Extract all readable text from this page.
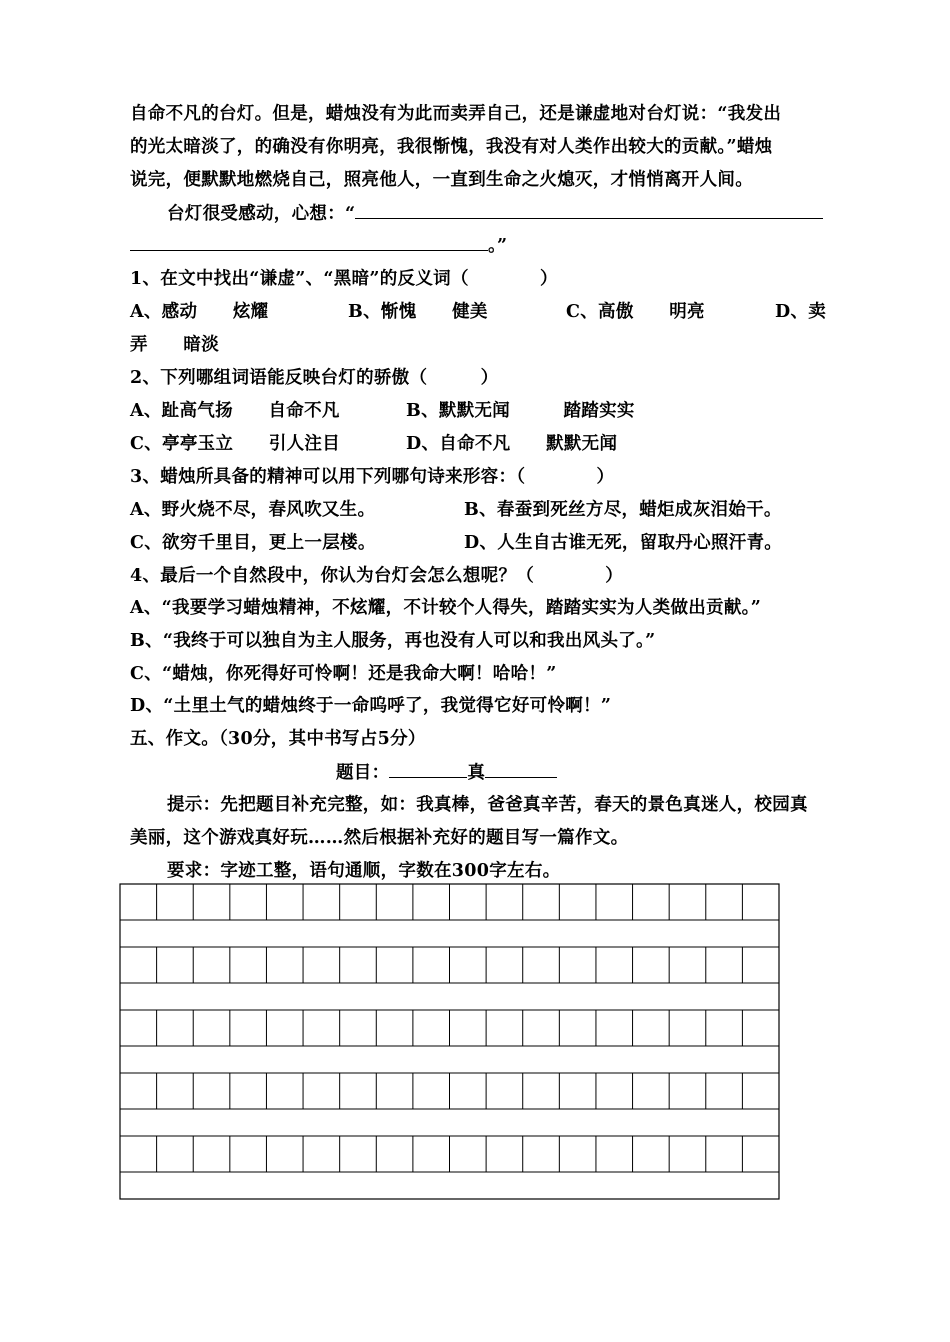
自命不凡的台灯。但是，蜡烛没有为此而卖弄自己，还是谦虚地对台灯说：“我发出
的光太暗淡了，的确没有你明亮，我很惭愧，我没有对人类作出较大的贡献。”蜡烛
说完，便默默地燃烧自己，照亮他人，一直到生命之火熄灭，才悄悄离开人间。
台灯很受感动，心想：“
。”
1、在文中找出“谦虚”、“黑暗”的反义词（　　　　）
A、感动　　炫耀	B、惭愧　　健美	C、高傲　　明亮	D、卖
弄　　暗淡
2、下列哪组词语能反映台灯的骄傲（　　　）
A、趾高气扬　　自命不凡	B、默默无闻　　　踏踏实实
C、亭亭玉立　　引人注目	D、自命不凡　　默默无闻
3、蜡烛所具备的精神可以用下列哪句诗来形容：（　　　　）
A、野火烧不尽，春风吹又生。	B、春蚕到死丝方尽，蜡炬成灰泪始干。
C、欲穷千里目，更上一层楼。	D、人生自古谁无死，留取丹心照汗青。
4、最后一个自然段中，你认为台灯会怎么想呢？（　　　　）
A、“我要学习蜡烛精神，不炫耀，不计较个人得失，踏踏实实为人类做出贡献。”
B、“我终于可以独自为主人服务，再也没有人可以和我出风头了。”
C、“蜡烛，你死得好可怜啊！还是我命大啊！哈哈！”
D、“土里土气的蜡烛终于一命呜呼了，我觉得它好可怜啊！”
五、作文。（30分，其中书写占5分）
题目：	真
提示：先把题目补充完整，如：我真棒，爸爸真辛苦，春天的景色真迷人，校园真
美丽，这个游戏真好玩……然后根据补充好的题目写一篇作文。
要求：字迹工整，语句通顺，字数在300字左右。
